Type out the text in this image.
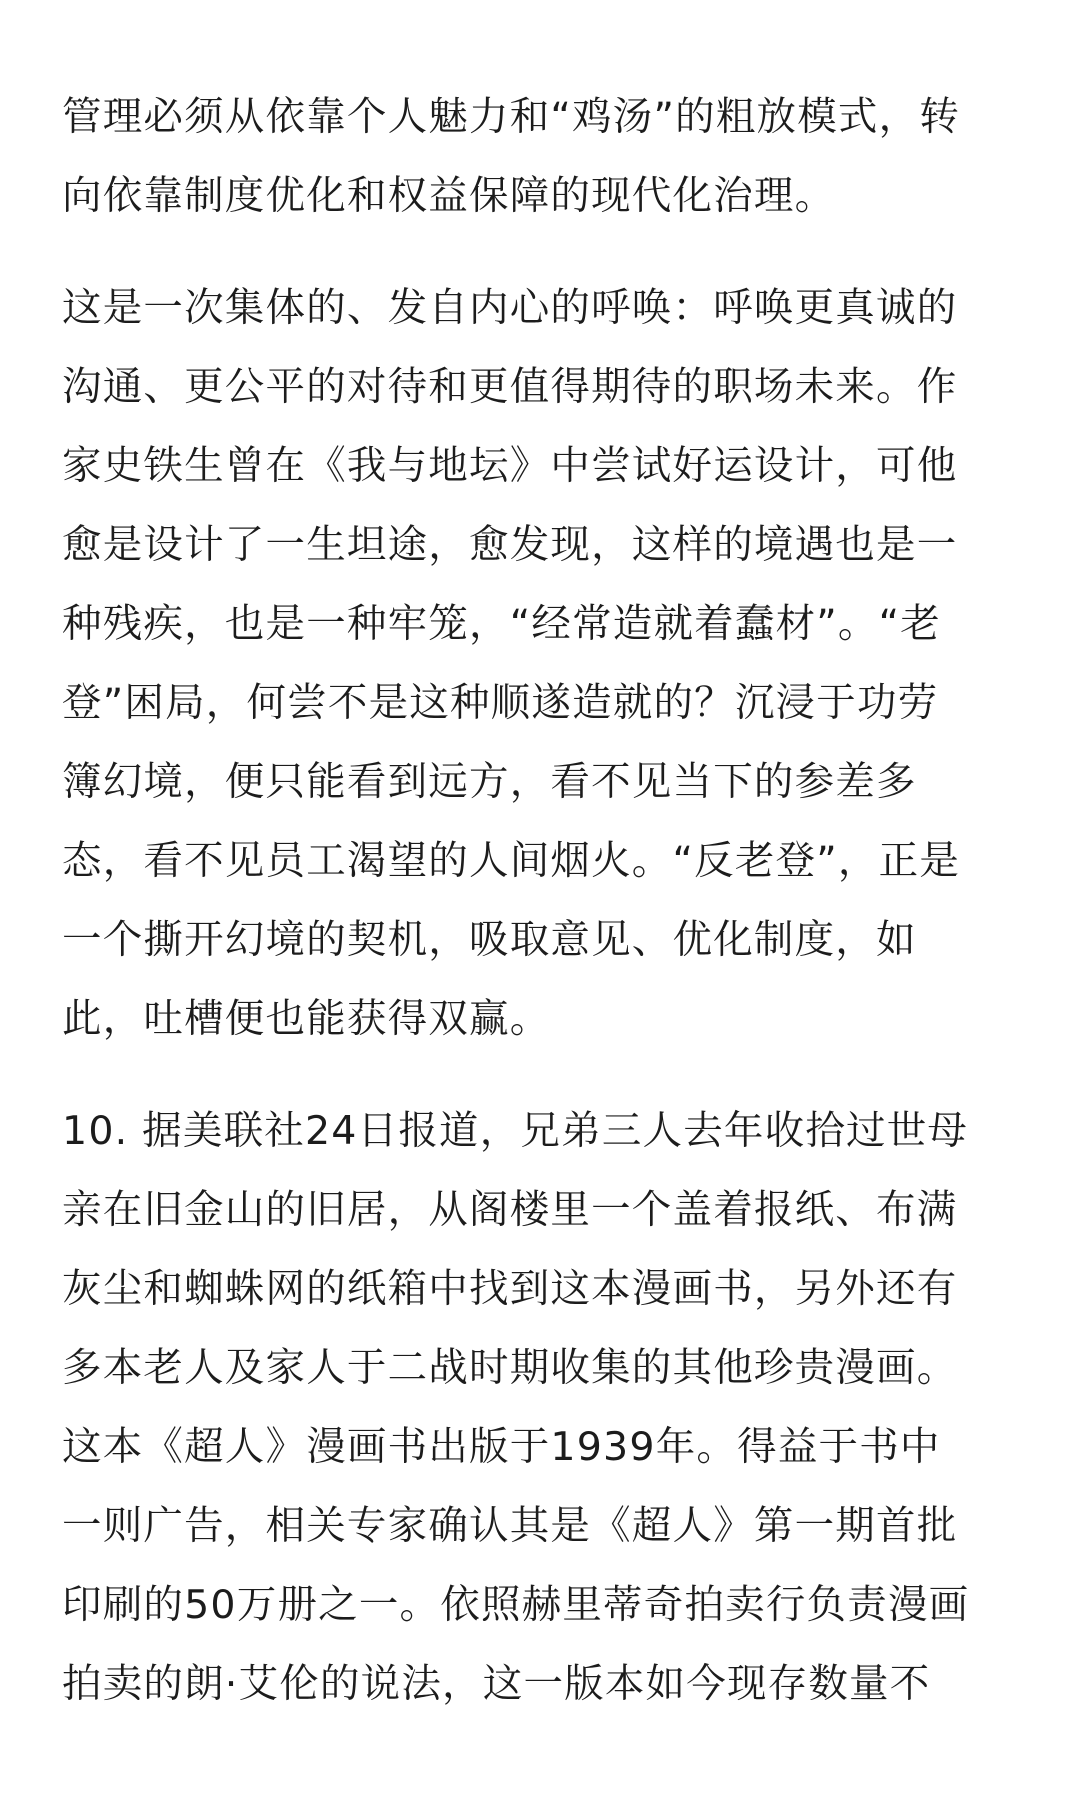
管理必须从依靠个人魅力和“鸡汤”的粗放模式，转
向依靠制度优化和权益保障的现代化治理。
这是一次集体的、发自内心的呼唤：呼唤更真诚的
沟通、更公平的对待和更值得期待的职场未来。作
家史铁生曾在《我与地坛》中尝试好运设计，可他
愈是设计了一生坦途，愈发现，这样的境遇也是一
种残疾，也是一种牢笼，“经常造就着蠢材”。“老
登”困局，何尝不是这种顺遂造就的？沉浸于功劳
簿幻境，便只能看到远方，看不见当下的参差多
态，看不见员工渴望的人间烟火。“反老登”，正是
一个撕开幻境的契机，吸取意见、优化制度，如
此，吐槽便也能获得双赢。
10. 据美联社24日报道，兄弟三人去年收拾过世母
亲在旧金山的旧居，从阁楼里一个盖着报纸、布满
灰尘和蜘蛛网的纸箱中找到这本漫画书，另外还有
多本老人及家人于二战时期收集的其他珍贵漫画。
这本《超人》漫画书出版于1939年。得益于书中
一则广告，相关专家确认其是《超人》第一期首批
印刷的50万册之一。依照赫里蒂奇拍卖行负责漫画
拍卖的朗·艾伦的说法，这一版本如今现存数量不
